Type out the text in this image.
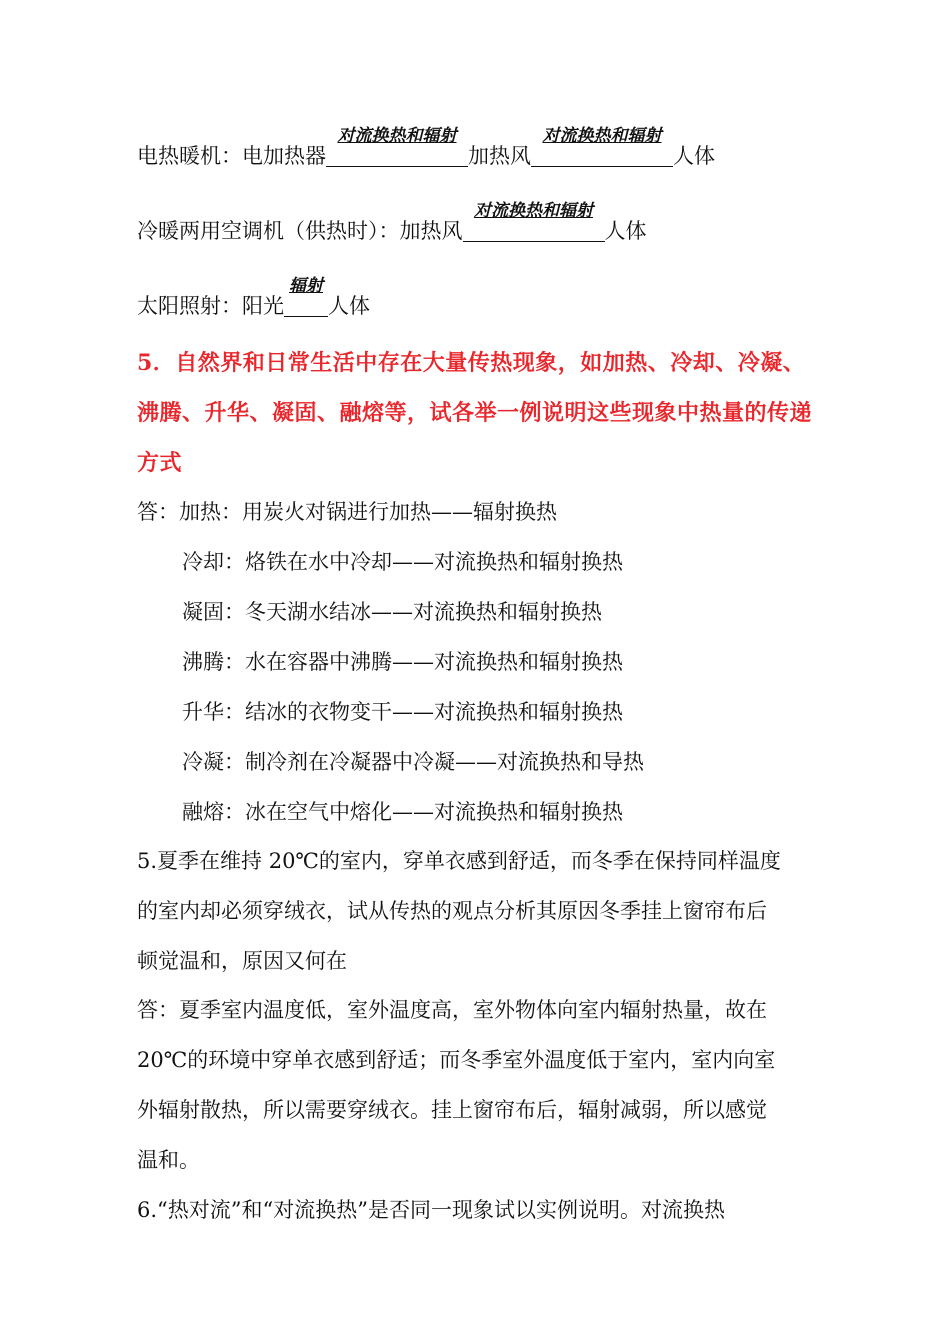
电热暖机：电加热器
对流换热和辐射
加热风
对流换热和辐射
人体
冷暖两用空调机（供热时）：加热风
对流换热和辐射
人体
太阳照射：阳光
辐射
人体
5．自然界和日常生活中存在大量传热现象，如加热、冷却、冷凝、
沸腾、升华、凝固、融熔等，试各举一例说明这些现象中热量的传递
方式
答：加热：用炭火对锅进行加热——辐射换热
冷却：烙铁在水中冷却——对流换热和辐射换热
凝固：冬天湖水结冰——对流换热和辐射换热
沸腾：水在容器中沸腾——对流换热和辐射换热
升华：结冰的衣物变干——对流换热和辐射换热
冷凝：制冷剂在冷凝器中冷凝——对流换热和导热
融熔：冰在空气中熔化——对流换热和辐射换热
5.夏季在维持 20℃的室内，穿单衣感到舒适，而冬季在保持同样温度
的室内却必须穿绒衣，试从传热的观点分析其原因冬季挂上窗帘布后
顿觉温和，原因又何在
答：夏季室内温度低，室外温度高，室外物体向室内辐射热量，故在
20℃的环境中穿单衣感到舒适；而冬季室外温度低于室内，室内向室
外辐射散热，所以需要穿绒衣。挂上窗帘布后，辐射减弱，所以感觉
温和。
6.“热对流”和“对流换热”是否同一现象试以实例说明。对流换热
